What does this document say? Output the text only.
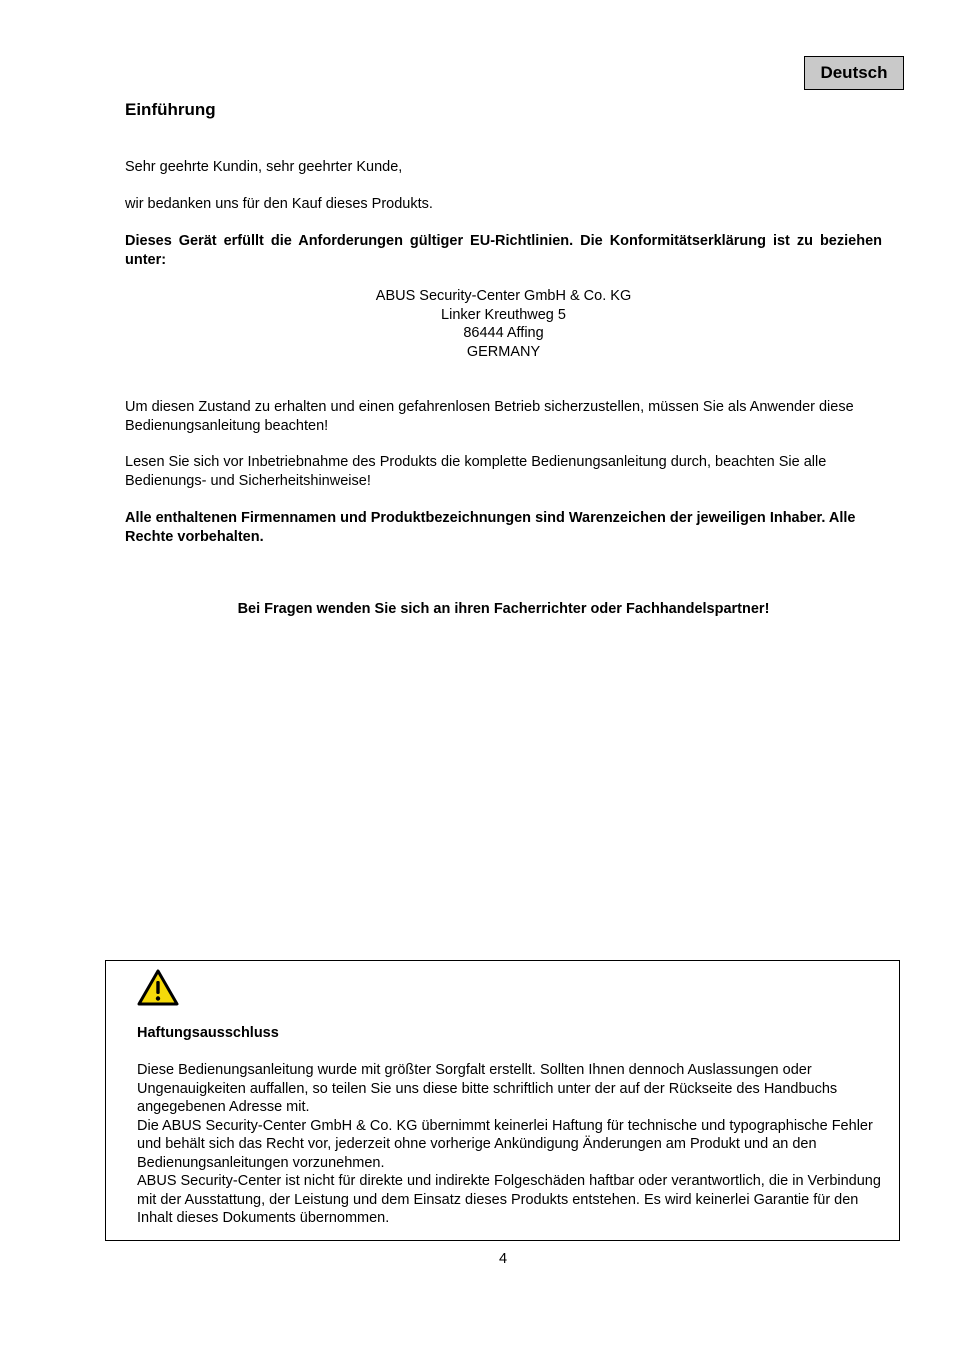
Deutsch
Einführung

Sehr geehrte Kundin, sehr geehrter Kunde,

wir bedanken uns für den Kauf dieses Produkts.

Dieses Gerät erfüllt die Anforderungen gültiger EU-Richtlinien. Die Konformitätserklärung ist zu beziehen unter:

ABUS Security-Center GmbH & Co. KG
Linker Kreuthweg 5
86444 Affing
GERMANY

Um diesen Zustand zu erhalten und einen gefahrenlosen Betrieb sicherzustellen, müssen Sie als Anwender diese Bedienungsanleitung beachten!

Lesen Sie sich vor Inbetriebnahme des Produkts die komplette Bedienungsanleitung durch, beachten Sie alle Bedienungs- und Sicherheitshinweise!

Alle enthaltenen Firmennamen und Produktbezeichnungen sind Warenzeichen der jeweiligen Inhaber. Alle Rechte vorbehalten.

Bei Fragen wenden Sie sich an ihren Facherrichter oder Fachhandelspartner!
Haftungsausschluss
Diese Bedienungsanleitung wurde mit größter Sorgfalt erstellt. Sollten Ihnen dennoch Auslassungen oder Ungenauigkeiten auffallen, so teilen Sie uns diese bitte schriftlich unter der auf der Rückseite des Handbuchs angegebenen Adresse mit.
Die ABUS Security-Center GmbH & Co. KG übernimmt keinerlei Haftung für technische und typographische Fehler und behält sich das Recht vor, jederzeit ohne vorherige Ankündigung Änderungen am Produkt und an den Bedienungsanleitungen vorzunehmen.
ABUS Security-Center ist nicht für direkte und indirekte Folgeschäden haftbar oder verantwortlich, die in Verbindung mit der Ausstattung, der Leistung und dem Einsatz dieses Produkts entstehen. Es wird keinerlei Garantie für den Inhalt dieses Dokuments übernommen.
4
